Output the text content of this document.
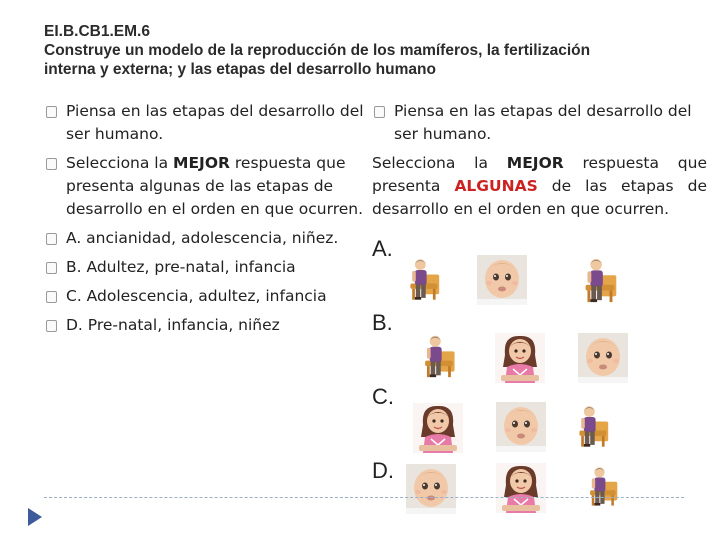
EI.B.CB1.EM.6
Construye un modelo de la reproducción de los mamíferos, la fertilización
interna y externa; y las etapas del desarrollo humano
Piensa en las etapas del desarrollo del ser humano.
Selecciona la MEJOR respuesta que presenta algunas de las etapas de desarrollo en el orden en que ocurren.
A. ancianidad, adolescencia, niñez.
B. Adultez, pre-natal, infancia
C. Adolescencia, adultez, infancia
D. Pre-natal, infancia, niñez
Piensa en las etapas del desarrollo del ser humano.
Selecciona la MEJOR respuesta que presenta ALGUNAS de las etapas de desarrollo en el orden en que ocurren.
A.
B.
C.
D.
